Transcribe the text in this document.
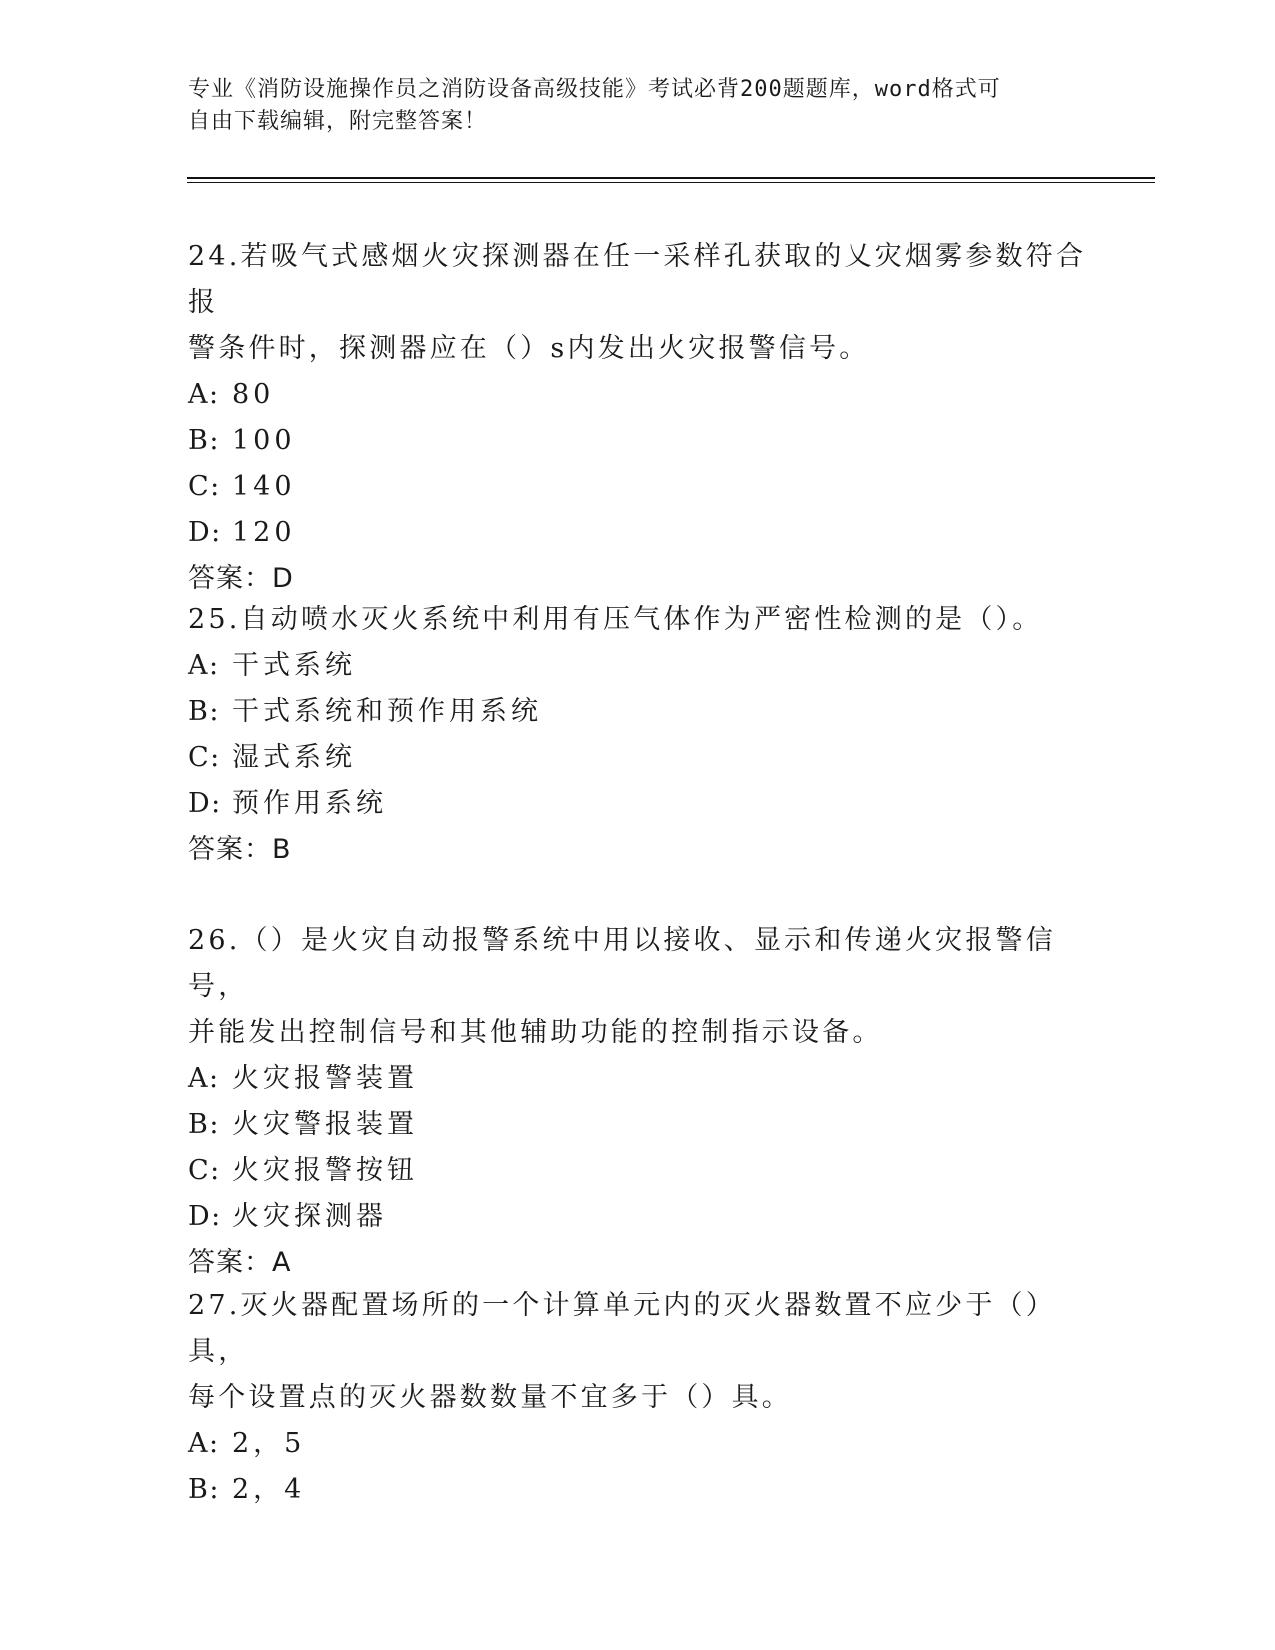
专业《消防设施操作员之消防设备高级技能》考试必背200题题库，word格式可
自由下载编辑，附完整答案！

24.若吸气式感烟火灾探测器在任一采样孔获取的乂灾烟雾参数符合报

警条件时，探测器应在（）s内发出火灾报警信号。

A: 80

B: 100

C: 140

D: 120

答案：D

25.自动喷水灭火系统中利用有压气体作为严密性检测的是（）。

A: 干式系统

B: 干式系统和预作用系统

C: 湿式系统

D: 预作用系统

答案：B

26.（）是火灾自动报警系统中用以接收、显示和传递火灾报警信号，

并能发出控制信号和其他辅助功能的控制指示设备。

A: 火灾报警装置

B: 火灾警报装置

C: 火灾报警按钮

D: 火灾探测器

答案：A

27.灭火器配置场所的一个计算单元内的灭火器数置不应少于（）具，

每个设置点的灭火器数数量不宜多于（）具。

A: 2，5

B: 2，4
